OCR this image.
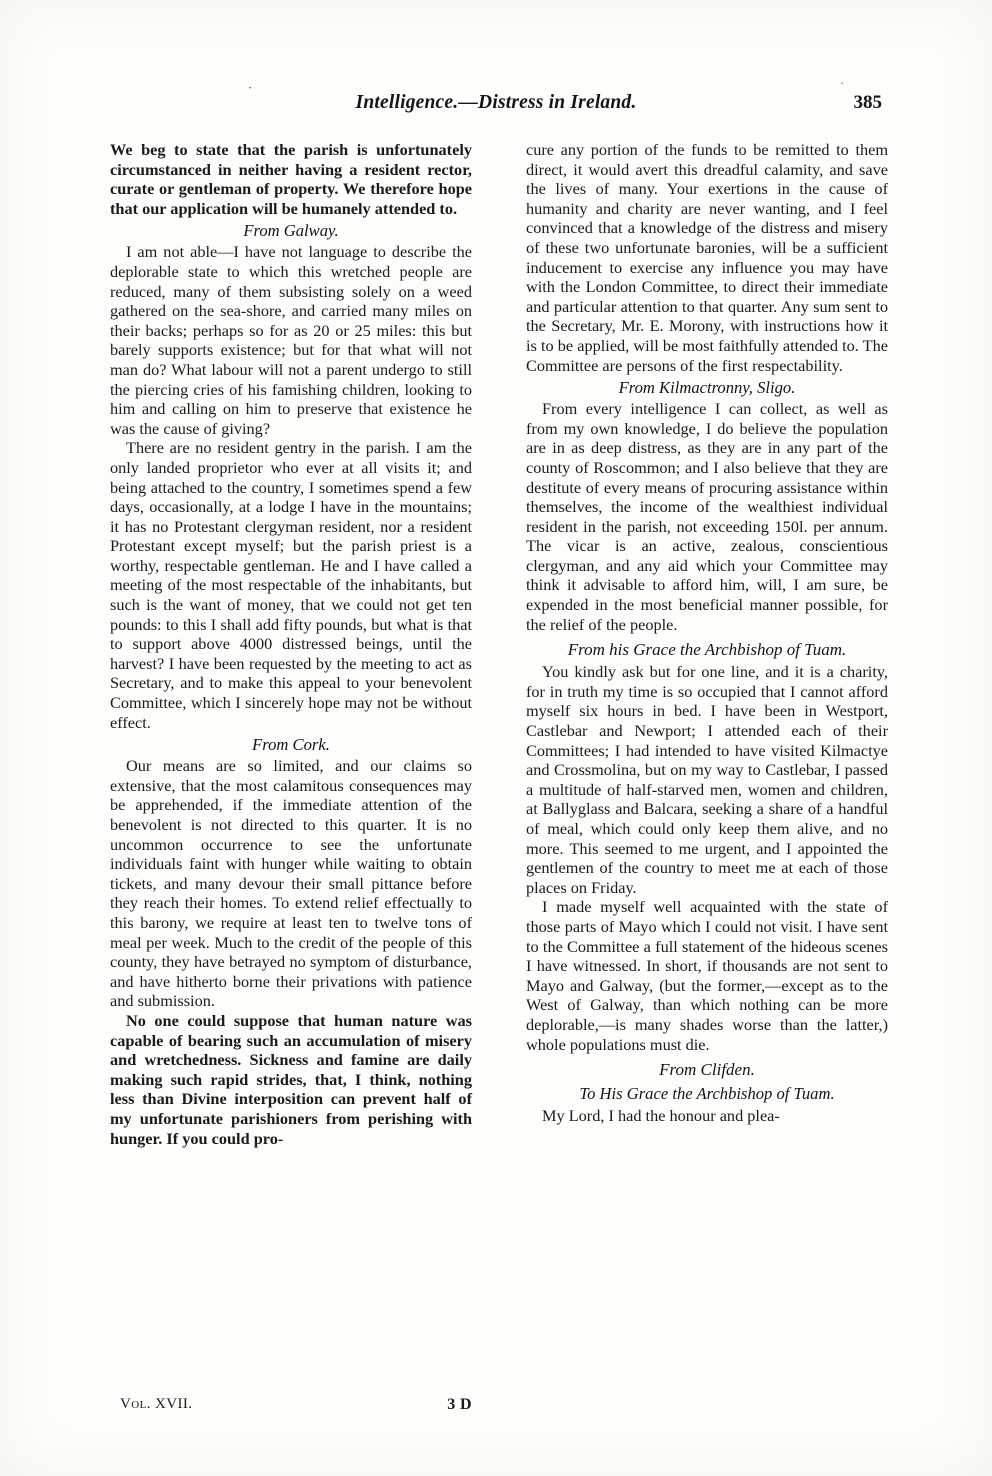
·	·
Intelligence.—Distress in Ireland.	385

We beg to state that the parish is unfortunately circumstanced in neither having a resident rector, curate or gentleman of property. We therefore hope that our application will be humanely attended to.

From Galway.

I am not able—I have not language to describe the deplorable state to which this wretched people are reduced, many of them subsisting solely on a weed gathered on the sea-shore, and carried many miles on their backs; perhaps so for as 20 or 25 miles: this but barely supports existence; but for that what will not man do? What labour will not a parent undergo to still the piercing cries of his famishing children, looking to him and calling on him to preserve that existence he was the cause of giving?

There are no resident gentry in the parish. I am the only landed proprietor who ever at all visits it; and being attached to the country, I sometimes spend a few days, occasionally, at a lodge I have in the mountains; it has no Protestant clergyman resident, nor a resident Protestant except myself; but the parish priest is a worthy, respectable gentleman. He and I have called a meeting of the most respectable of the inhabitants, but such is the want of money, that we could not get ten pounds: to this I shall add fifty pounds, but what is that to support above 4000 distressed beings, until the harvest? I have been requested by the meeting to act as Secretary, and to make this appeal to your benevolent Committee, which I sincerely hope may not be without effect.

From Cork.

Our means are so limited, and our claims so extensive, that the most calamitous consequences may be apprehended, if the immediate attention of the benevolent is not directed to this quarter. It is no uncommon occurrence to see the unfortunate individuals faint with hunger while waiting to obtain tickets, and many devour their small pittance before they reach their homes. To extend relief effectually to this barony, we require at least ten to twelve tons of meal per week. Much to the credit of the people of this county, they have betrayed no symptom of disturbance, and have hitherto borne their privations with patience and submission.

No one could suppose that human nature was capable of bearing such an accumulation of misery and wretchedness. Sickness and famine are daily making such rapid strides, that, I think, nothing less than Divine interposition can prevent half of my unfortunate parishioners from perishing with hunger. If you could pro-

cure any portion of the funds to be remitted to them direct, it would avert this dreadful calamity, and save the lives of many. Your exertions in the cause of humanity and charity are never wanting, and I feel convinced that a knowledge of the distress and misery of these two unfortunate baronies, will be a sufficient inducement to exercise any influence you may have with the London Committee, to direct their immediate and particular attention to that quarter. Any sum sent to the Secretary, Mr. E. Morony, with instructions how it is to be applied, will be most faithfully attended to. The Committee are persons of the first respectability.

From Kilmactronny, Sligo.

From every intelligence I can collect, as well as from my own knowledge, I do believe the population are in as deep distress, as they are in any part of the county of Roscommon; and I also believe that they are destitute of every means of procuring assistance within themselves, the income of the wealthiest individual resident in the parish, not exceeding 150l. per annum. The vicar is an active, zealous, conscientious clergyman, and any aid which your Committee may think it advisable to afford him, will, I am sure, be expended in the most beneficial manner possible, for the relief of the people.

From his Grace the Archbishop of Tuam.

You kindly ask but for one line, and it is a charity, for in truth my time is so occupied that I cannot afford myself six hours in bed. I have been in Westport, Castlebar and Newport; I attended each of their Committees; I had intended to have visited Kilmactye and Crossmolina, but on my way to Castlebar, I passed a multitude of half-starved men, women and children, at Ballyglass and Balcara, seeking a share of a handful of meal, which could only keep them alive, and no more. This seemed to me urgent, and I appointed the gentlemen of the country to meet me at each of those places on Friday.

I made myself well acquainted with the state of those parts of Mayo which I could not visit. I have sent to the Committee a full statement of the hideous scenes I have witnessed. In short, if thousands are not sent to Mayo and Galway, (but the former,—except as to the West of Galway, than which nothing can be more deplorable,—is many shades worse than the latter,) whole populations must die.

From Clifden.
To His Grace the Archbishop of Tuam.

My Lord, I had the honour and plea-

Vol. XVII.	3 D
